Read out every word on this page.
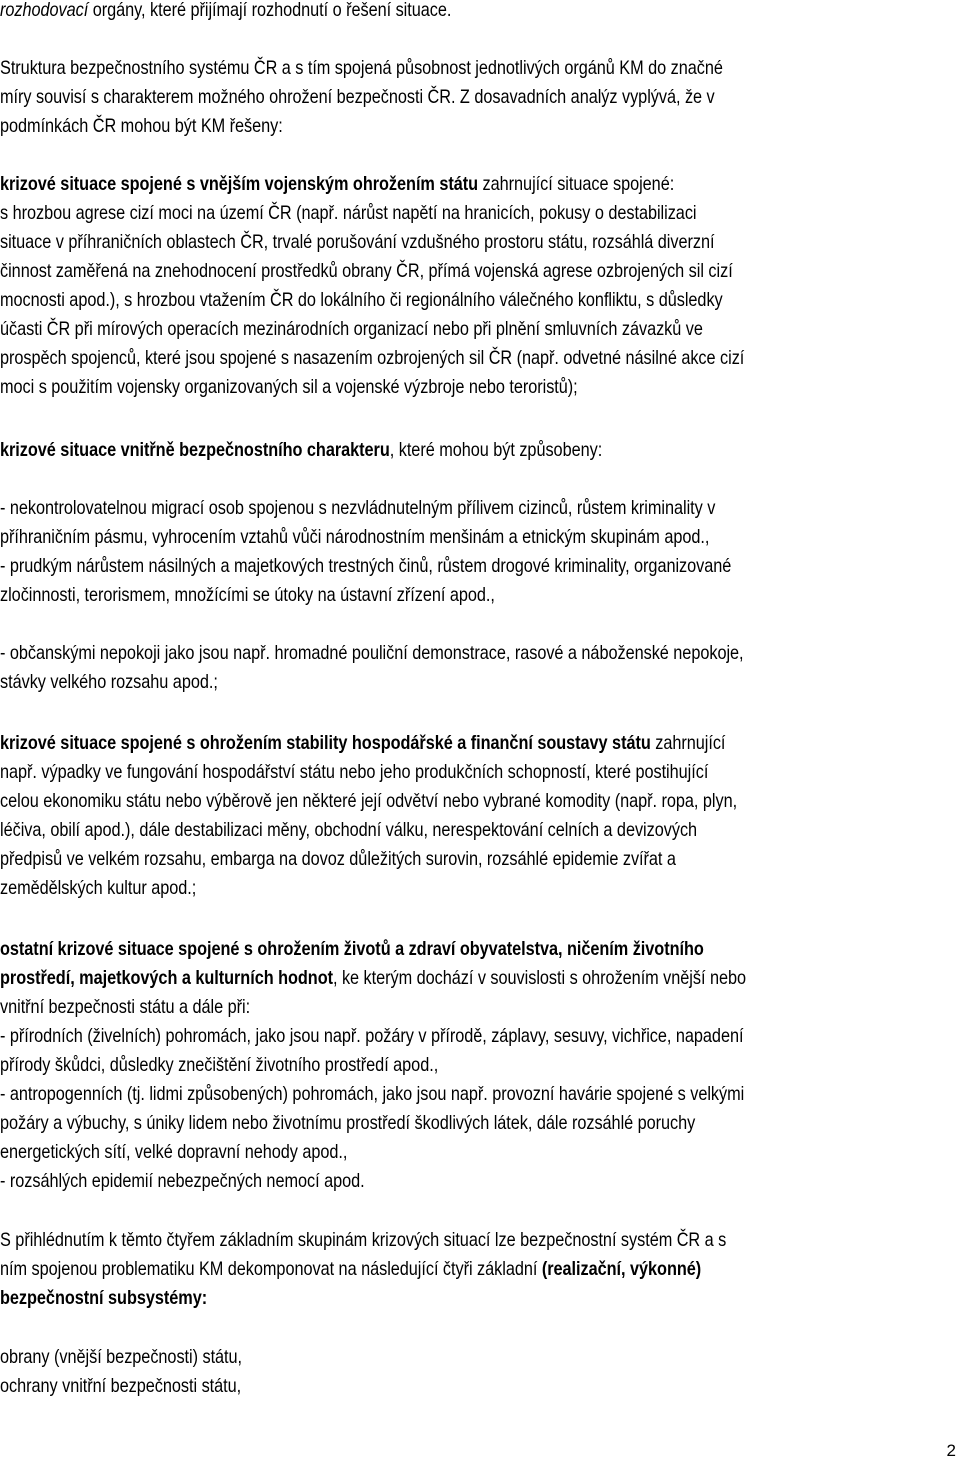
rozhodovací orgány, které přijímají rozhodnutí o řešení situace.
Struktura bezpečnostního systému ČR a s tím spojená působnost jednotlivých orgánů KM do značné
míry souvisí s charakterem možného ohrožení bezpečnosti ČR. Z dosavadních analýz vyplývá, že v
podmínkách ČR mohou být KM řešeny:
krizové situace spojené s vnějším vojenským ohrožením státu zahrnující situace spojené:
s hrozbou agrese cizí moci na území ČR (např. nárůst napětí na hranicích, pokusy o destabilizaci
situace v příhraničních oblastech ČR, trvalé porušování vzdušného prostoru státu, rozsáhlá diverzní
činnost zaměřená na znehodnocení prostředků obrany ČR, přímá vojenská agrese ozbrojených sil cizí
mocnosti apod.), s hrozbou vtažením ČR do lokálního či regionálního válečného konfliktu, s důsledky
účasti ČR při mírových operacích mezinárodních organizací nebo při plnění smluvních závazků ve
prospěch spojenců, které jsou spojené s nasazením ozbrojených sil ČR (např. odvetné násilné akce cizí
moci s použitím vojensky organizovaných sil a vojenské výzbroje nebo teroristů);
krizové situace vnitřně bezpečnostního charakteru, které mohou být způsobeny:
- nekontrolovatelnou migrací osob spojenou s nezvládnutelným přílivem cizinců, růstem kriminality v
příhraničním pásmu, vyhrocením vztahů vůči národnostním menšinám a etnickým skupinám apod.,
- prudkým nárůstem násilných a majetkových trestných činů, růstem drogové kriminality, organizované
zločinnosti, terorismem, množícími se útoky na ústavní zřízení apod.,
- občanskými nepokoji jako jsou např. hromadné pouliční demonstrace, rasové a náboženské nepokoje,
stávky velkého rozsahu apod.;
krizové situace spojené s ohrožením stability hospodářské a finanční soustavy státu zahrnující
např. výpadky ve fungování hospodářství státu nebo jeho produkčních schopností, které postihující
celou ekonomiku státu nebo výběrově jen některé její odvětví nebo vybrané komodity (např. ropa, plyn,
léčiva, obilí apod.), dále destabilizaci měny, obchodní válku, nerespektování celních a devizových
předpisů ve velkém rozsahu, embarga na dovoz důležitých surovin, rozsáhlé epidemie zvířat a
zemědělských kultur apod.;
ostatní krizové situace spojené s ohrožením životů a zdraví obyvatelstva, ničením životního
prostředí, majetkových a kulturních hodnot, ke kterým dochází v souvislosti s ohrožením vnější nebo
vnitřní bezpečnosti státu a dále při:
- přírodních (živelních) pohromách, jako jsou např. požáry v přírodě, záplavy, sesuvy, vichřice, napadení
přírody škůdci, důsledky znečištění životního prostředí apod.,
- antropogenních (tj. lidmi způsobených) pohromách, jako jsou např. provozní havárie spojené s velkými
požáry a výbuchy, s úniky lidem nebo životnímu prostředí škodlivých látek, dále rozsáhlé poruchy
energetických sítí, velké dopravní nehody apod.,
- rozsáhlých epidemií nebezpečných nemocí apod.
S přihlédnutím k těmto čtyřem základním skupinám krizových situací lze bezpečnostní systém ČR a s
ním spojenou problematiku KM dekomponovat na následující čtyři základní (realizační, výkonné)
bezpečnostní subsystémy:
obrany (vnější bezpečnosti) státu,
ochrany vnitřní bezpečnosti státu,
2
